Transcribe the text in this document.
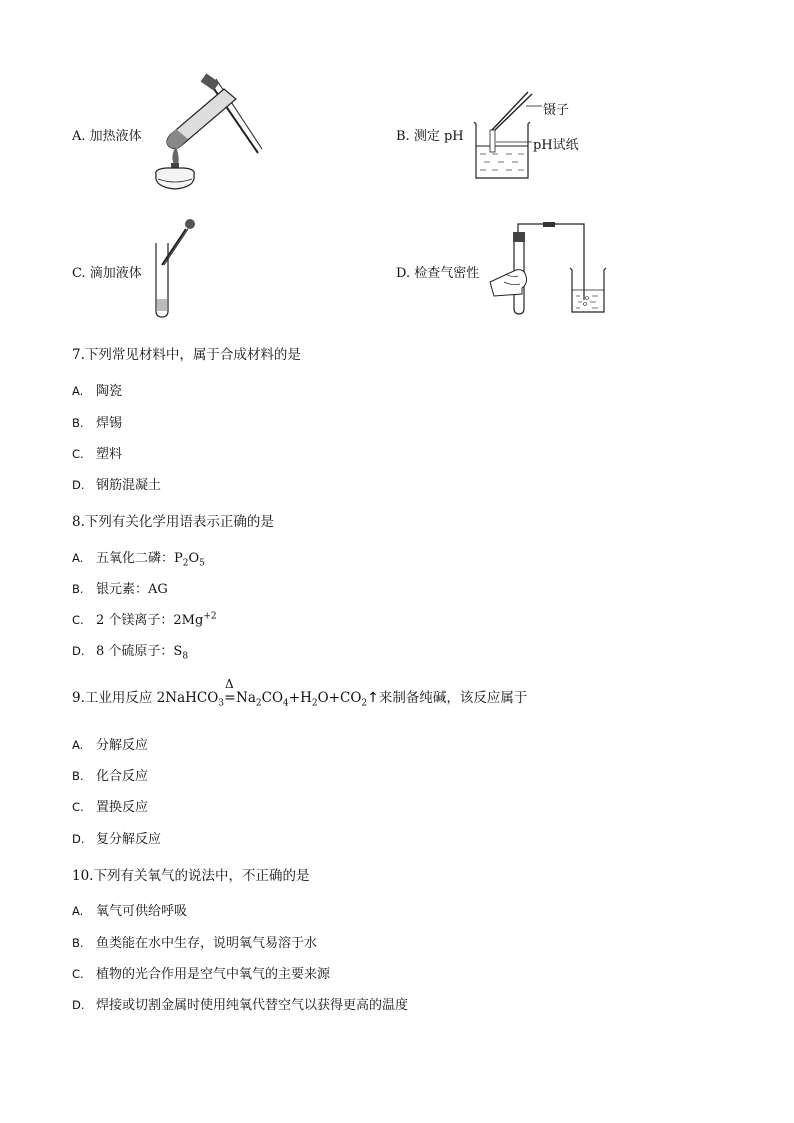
A. 加热液体	B. 测定 pH
镊子
pH试纸
C. 滴加液体	D. 检查气密性
7.下列常见材料中，属于合成材料的是
A. 陶瓷
B. 焊锡
C. 塑料
D. 钢筋混凝土
8.下列有关化学用语表示正确的是
A. 五氧化二磷：$P_2O_5$
B. 银元素：AG
C. 2 个镁离子：$2Mg^{+2}$
D. 8 个硫原子：$S_8$
9.工业用反应 2NaHCO$_3$
Δ
$=Na_2CO_4+H_2O+CO_2↑$来制备纯碱，该反应属于
A. 分解反应
B. 化合反应
C. 置换反应
D. 复分解反应
10.下列有关氧气的说法中，不正确的是
A. 氧气可供给呼吸
B. 鱼类能在水中生存，说明氧气易溶于水
C. 植物的光合作用是空气中氧气的主要来源
D. 焊接或切割金属时使用纯氧代替空气以获得更高的温度
